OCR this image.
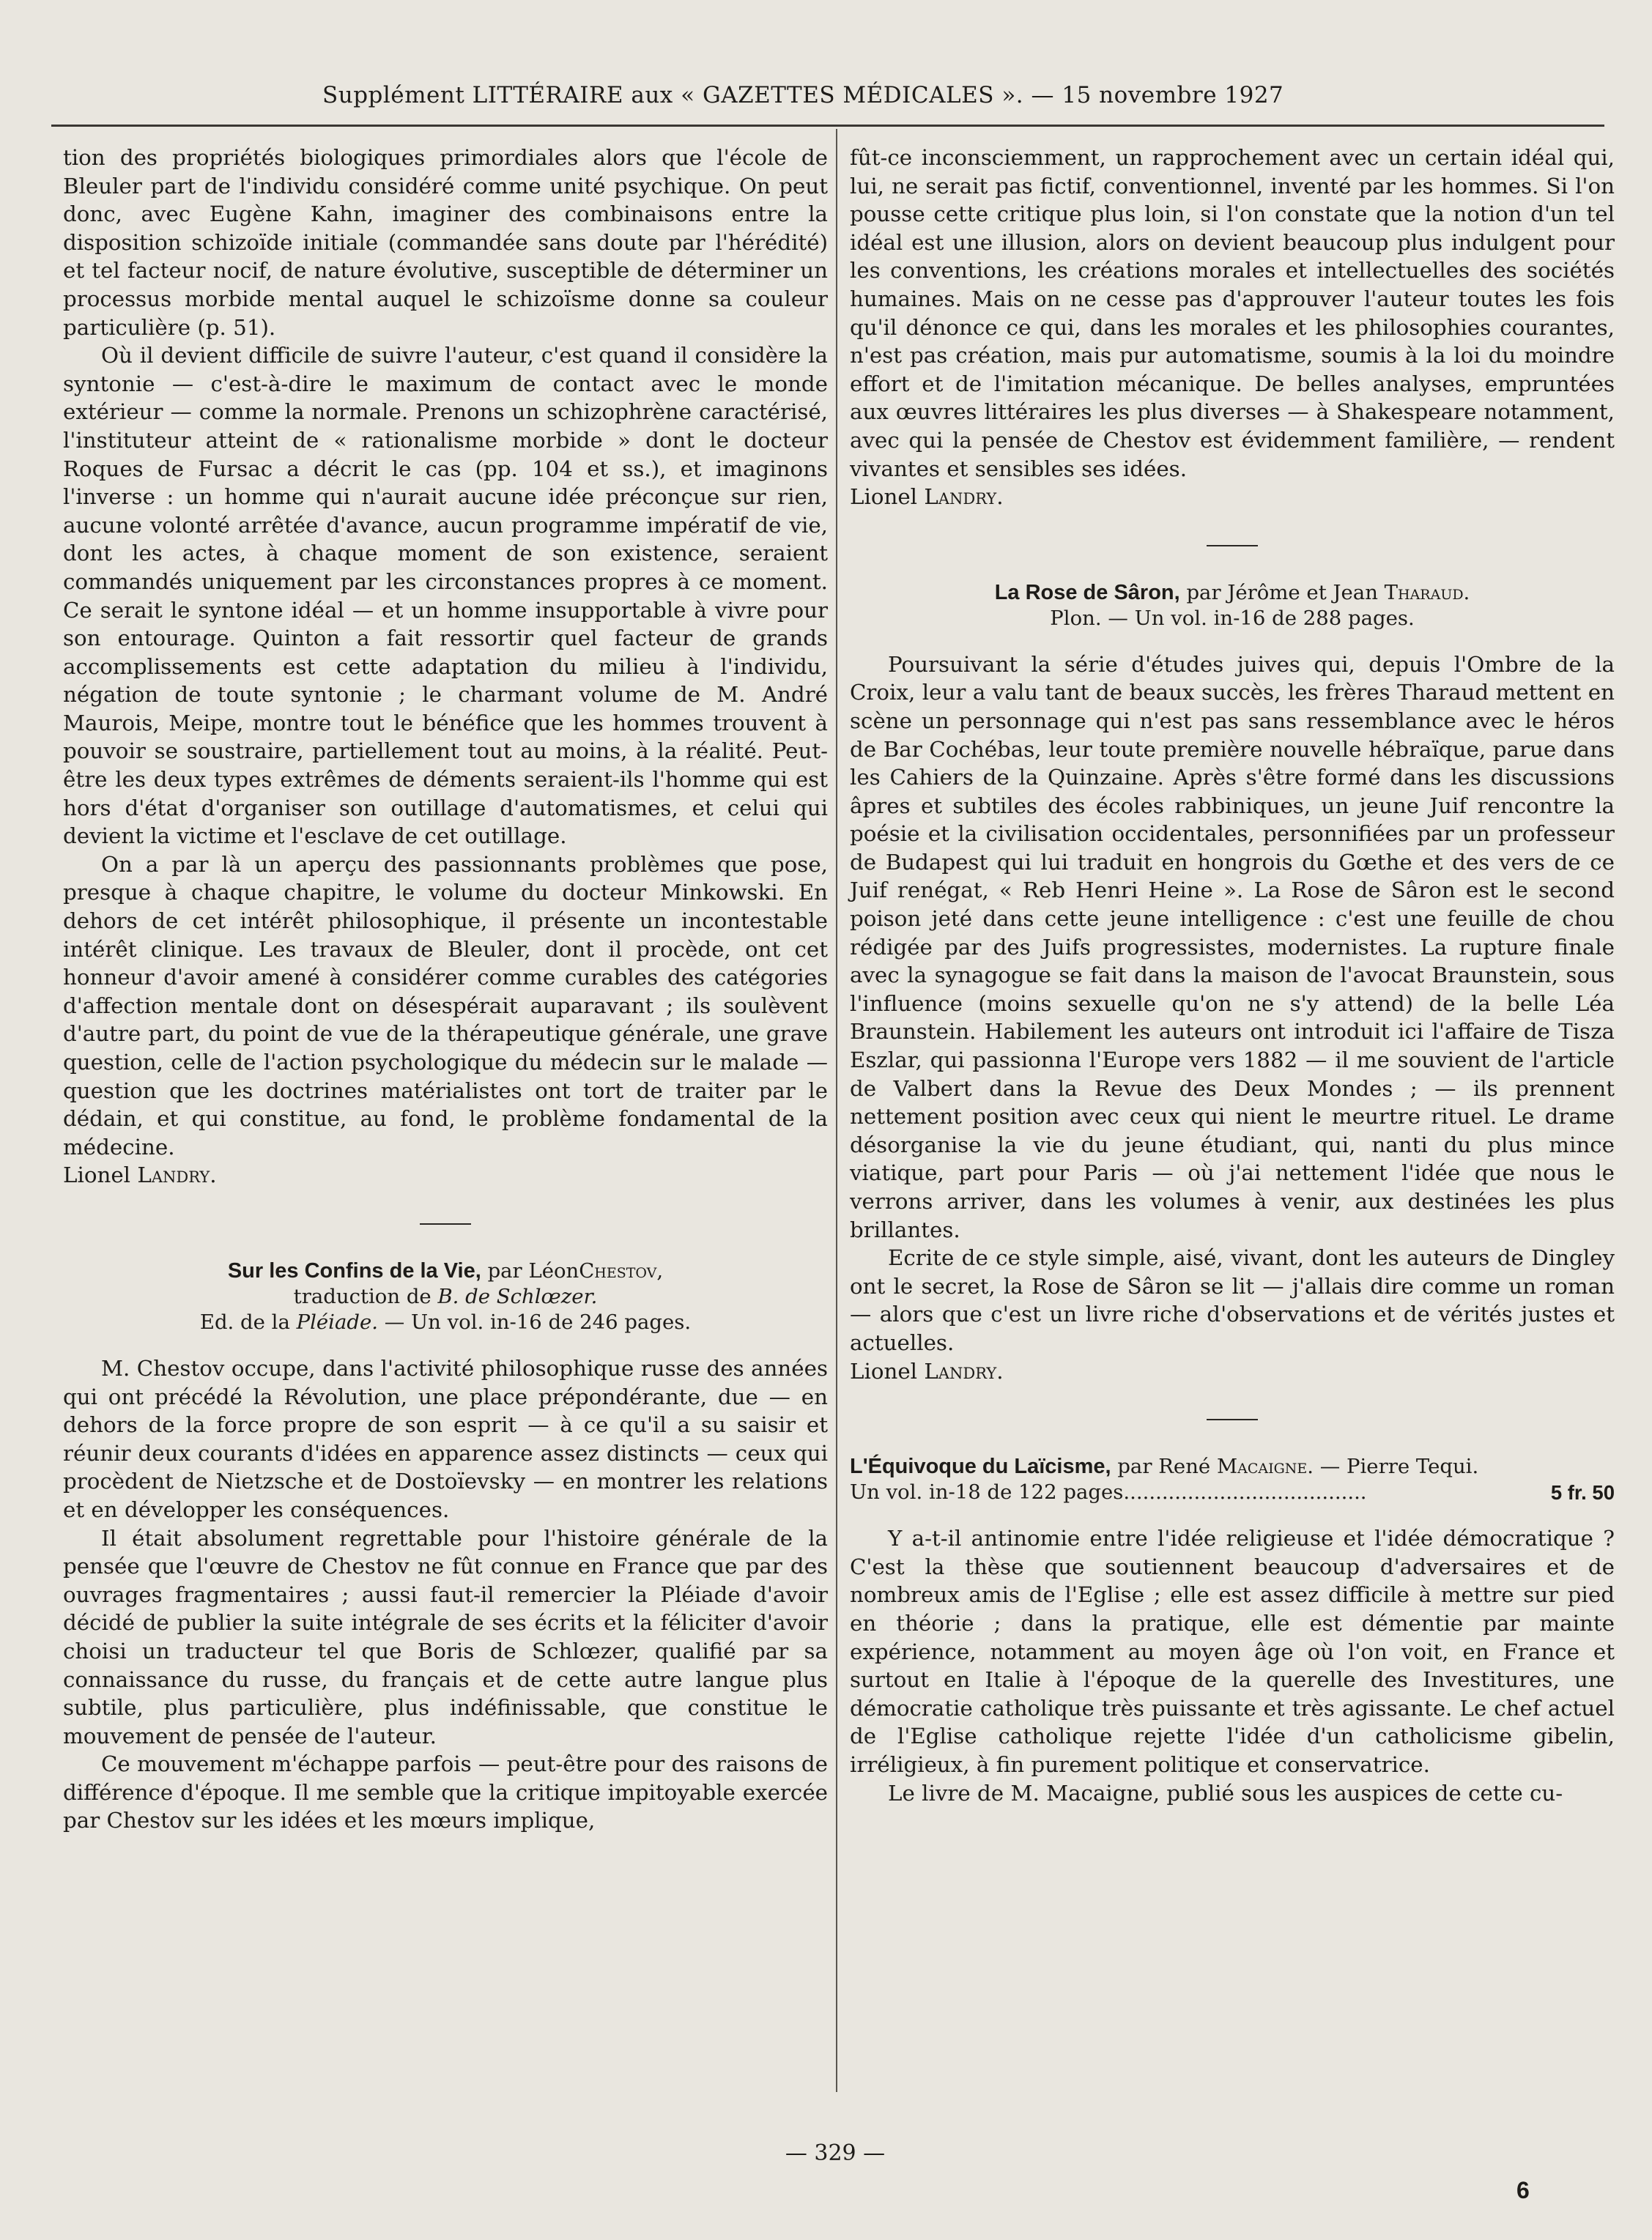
Supplément LITTÉRAIRE aux « GAZETTES MÉDICALES ». — 15 novembre 1927

tion des propriétés biologiques primordiales alors que l'école de Bleuler part de l'individu considéré comme unité psychique. On peut donc, avec Eugène Kahn, imaginer des combinaisons entre la disposition schizoïde initiale (commandée sans doute par l'hérédité) et tel facteur nocif, de nature évolutive, susceptible de déterminer un processus morbide mental auquel le schizoïsme donne sa couleur particulière (p. 51).

Où il devient difficile de suivre l'auteur, c'est quand il considère la syntonie — c'est-à-dire le maximum de contact avec le monde extérieur — comme la normale. Prenons un schizophrène caractérisé, l'instituteur atteint de « rationalisme morbide » dont le docteur Roques de Fursac a décrit le cas (pp. 104 et ss.), et imaginons l'inverse : un homme qui n'aurait aucune idée préconçue sur rien, aucune volonté arrêtée d'avance, aucun programme impératif de vie, dont les actes, à chaque moment de son existence, seraient commandés uniquement par les circonstances propres à ce moment. Ce serait le syntone idéal — et un homme insupportable à vivre pour son entourage. Quinton a fait ressortir quel facteur de grands accomplissements est cette adaptation du milieu à l'individu, négation de toute syntonie ; le charmant volume de M. André Maurois, Meipe, montre tout le bénéfice que les hommes trouvent à pouvoir se soustraire, partiellement tout au moins, à la réalité. Peut-être les deux types extrêmes de déments seraient-ils l'homme qui est hors d'état d'organiser son outillage d'automatismes, et celui qui devient la victime et l'esclave de cet outillage.

On a par là un aperçu des passionnants problèmes que pose, presque à chaque chapitre, le volume du docteur Minkowski. En dehors de cet intérêt philosophique, il présente un incontestable intérêt clinique. Les travaux de Bleuler, dont il procède, ont cet honneur d'avoir amené à considérer comme curables des catégories d'affection mentale dont on désespérait auparavant ; ils soulèvent d'autre part, du point de vue de la thérapeutique générale, une grave question, celle de l'action psychologique du médecin sur le malade — question que les doctrines matérialistes ont tort de traiter par le dédain, et qui constitue, au fond, le problème fondamental de la médecine.

Lionel Landry.

Sur les Confins de la Vie, par LéonChestov,
traduction de B. de Schlœzer.
Ed. de la Pléiade. — Un vol. in-16 de 246 pages.

M. Chestov occupe, dans l'activité philosophique russe des années qui ont précédé la Révolution, une place prépondérante, due — en dehors de la force propre de son esprit — à ce qu'il a su saisir et réunir deux courants d'idées en apparence assez distincts — ceux qui procèdent de Nietzsche et de Dostoïevsky — en montrer les relations et en développer les conséquences.

Il était absolument regrettable pour l'histoire générale de la pensée que l'œuvre de Chestov ne fût connue en France que par des ouvrages fragmentaires ; aussi faut-il remercier la Pléiade d'avoir décidé de publier la suite intégrale de ses écrits et la féliciter d'avoir choisi un traducteur tel que Boris de Schlœzer, qualifié par sa connaissance du russe, du français et de cette autre langue plus subtile, plus particulière, plus indéfinissable, que constitue le mouvement de pensée de l'auteur.

Ce mouvement m'échappe parfois — peut-être pour des raisons de différence d'époque. Il me semble que la critique impitoyable exercée par Chestov sur les idées et les mœurs implique,

fût-ce inconsciemment, un rapprochement avec un certain idéal qui, lui, ne serait pas fictif, conventionnel, inventé par les hommes. Si l'on pousse cette critique plus loin, si l'on constate que la notion d'un tel idéal est une illusion, alors on devient beaucoup plus indulgent pour les conventions, les créations morales et intellectuelles des sociétés humaines. Mais on ne cesse pas d'approuver l'auteur toutes les fois qu'il dénonce ce qui, dans les morales et les philosophies courantes, n'est pas création, mais pur automatisme, soumis à la loi du moindre effort et de l'imitation mécanique. De belles analyses, empruntées aux œuvres littéraires les plus diverses — à Shakespeare notamment, avec qui la pensée de Chestov est évidemment familière, — rendent vivantes et sensibles ses idées.

Lionel Landry.

La Rose de Sâron, par Jérôme et Jean Tharaud.
Plon. — Un vol. in-16 de 288 pages.

Poursuivant la série d'études juives qui, depuis l'Ombre de la Croix, leur a valu tant de beaux succès, les frères Tharaud mettent en scène un personnage qui n'est pas sans ressemblance avec le héros de Bar Cochébas, leur toute première nouvelle hébraïque, parue dans les Cahiers de la Quinzaine. Après s'être formé dans les discussions âpres et subtiles des écoles rabbiniques, un jeune Juif rencontre la poésie et la civilisation occidentales, personnifiées par un professeur de Budapest qui lui traduit en hongrois du Gœthe et des vers de ce Juif renégat, « Reb Henri Heine ». La Rose de Sâron est le second poison jeté dans cette jeune intelligence : c'est une feuille de chou rédigée par des Juifs progressistes, modernistes. La rupture finale avec la synagogue se fait dans la maison de l'avocat Braunstein, sous l'influence (moins sexuelle qu'on ne s'y attend) de la belle Léa Braunstein. Habilement les auteurs ont introduit ici l'affaire de Tisza Eszlar, qui passionna l'Europe vers 1882 — il me souvient de l'article de Valbert dans la Revue des Deux Mondes ; — ils prennent nettement position avec ceux qui nient le meurtre rituel. Le drame désorganise la vie du jeune étudiant, qui, nanti du plus mince viatique, part pour Paris — où j'ai nettement l'idée que nous le verrons arriver, dans les volumes à venir, aux destinées les plus brillantes.

Ecrite de ce style simple, aisé, vivant, dont les auteurs de Dingley ont le secret, la Rose de Sâron se lit — j'allais dire comme un roman — alors que c'est un livre riche d'observations et de vérités justes et actuelles.

Lionel Landry.

L'Équivoque du Laïcisme, par René Macaigne. — Pierre Tequi.
Un vol. in-18 de 122 pages......................................	5 fr. 50

Y a-t-il antinomie entre l'idée religieuse et l'idée démocratique ? C'est la thèse que soutiennent beaucoup d'adversaires et de nombreux amis de l'Eglise ; elle est assez difficile à mettre sur pied en théorie ; dans la pratique, elle est démentie par mainte expérience, notamment au moyen âge où l'on voit, en France et surtout en Italie à l'époque de la querelle des Investitures, une démocratie catholique très puissante et très agissante. Le chef actuel de l'Eglise catholique rejette l'idée d'un catholicisme gibelin, irréligieux, à fin purement politique et conservatrice.

Le livre de M. Macaigne, publié sous les auspices de cette cu-

— 329 —
6
